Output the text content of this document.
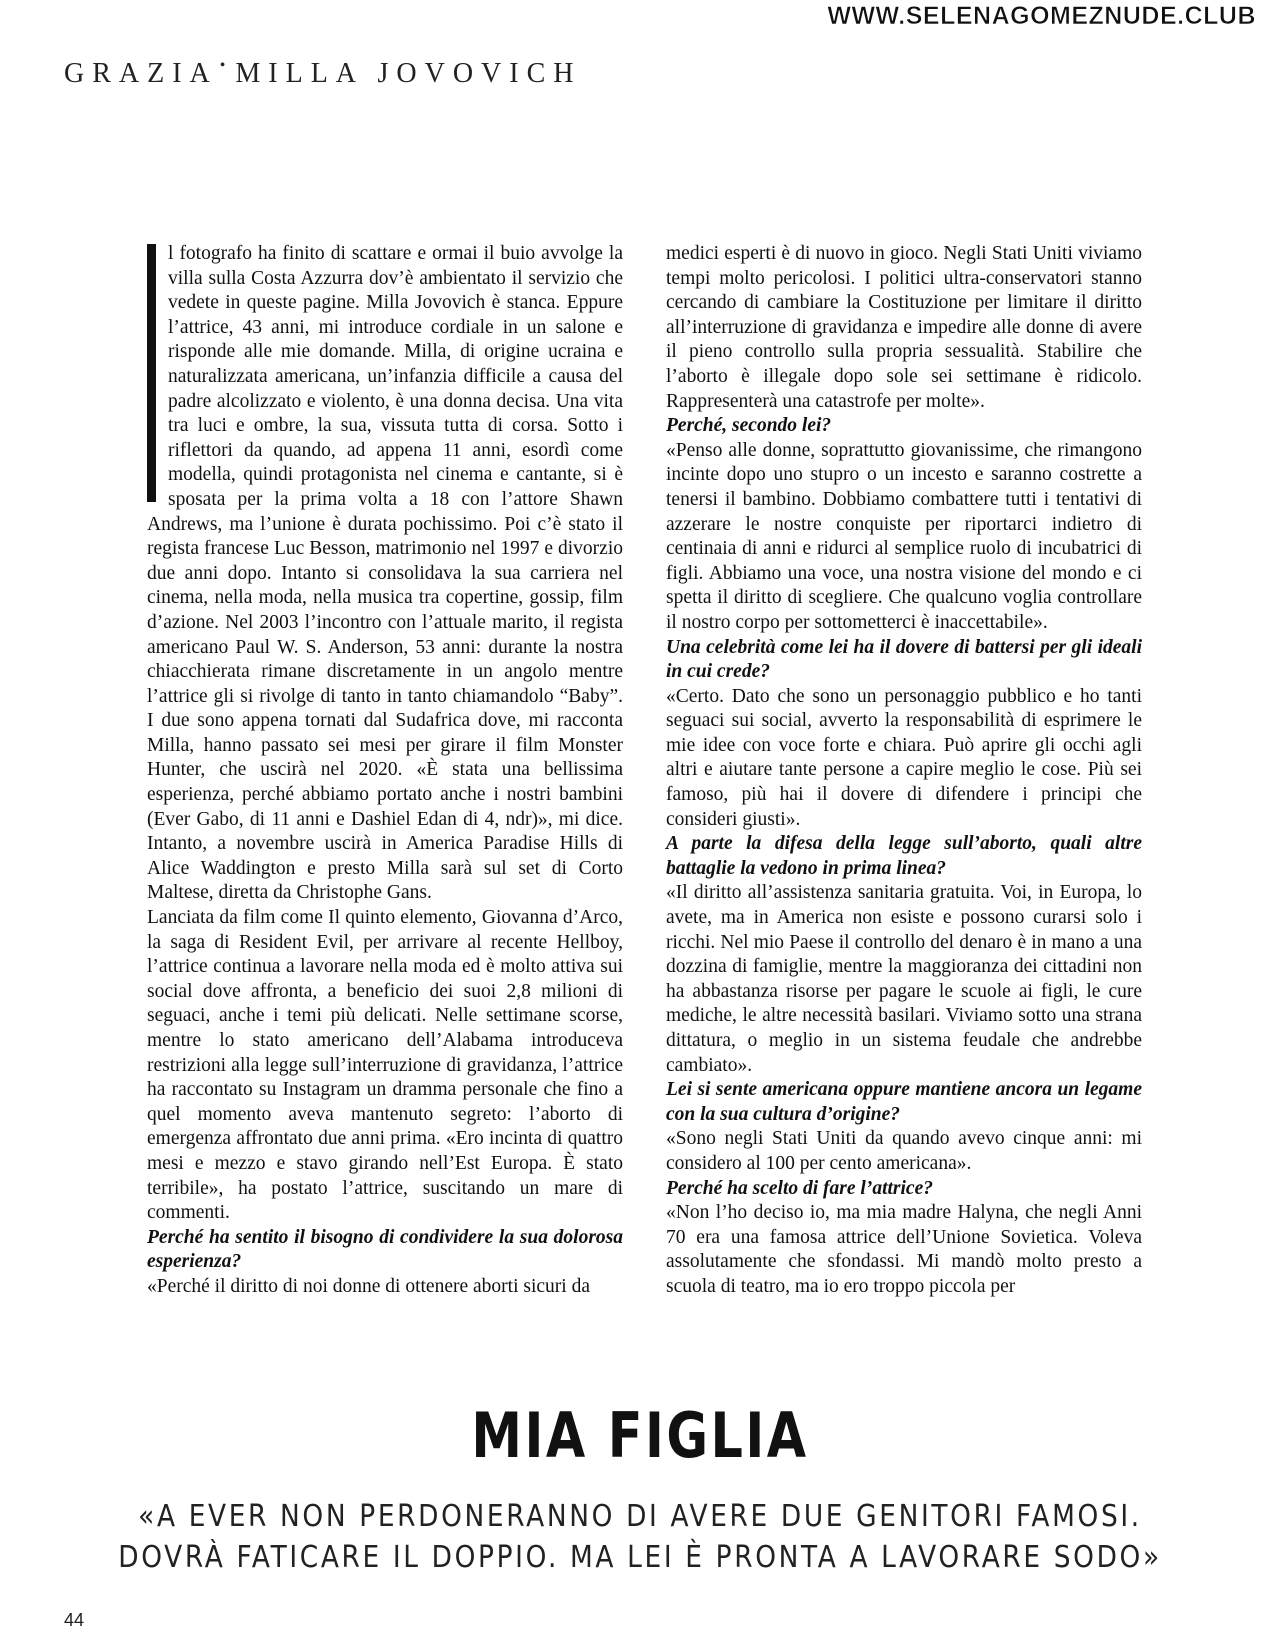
WWW.SELENAGOMEZNUDE.CLUB
GRAZIA • MILLA JOVOVICH

l fotografo ha finito di scattare e ormai il buio avvolge la villa sulla Costa Azzurra dov’è ambientato il servizio che vedete in queste pagine. Milla Jovovich è stanca. Eppure l’attrice, 43 anni, mi introduce cordiale in un salone e risponde alle mie domande. Milla, di origine ucraina e naturalizzata americana, un’infanzia difficile a causa del padre alcolizzato e violento, è una donna decisa. Una vita tra luci e ombre, la sua, vissuta tutta di corsa. Sotto i riflettori da quando, ad appena 11 anni, esordì come modella, quindi protagonista nel cinema e cantante, si è sposata per la prima volta a 18 con l’attore Shawn Andrews, ma l’unione è durata pochissimo. Poi c’è stato il regista francese Luc Besson, matrimonio nel 1997 e divorzio due anni dopo. Intanto si consolidava la sua carriera nel cinema, nella moda, nella musica tra copertine, gossip, film d’azione. Nel 2003 l’incontro con l’attuale marito, il regista americano Paul W. S. Anderson, 53 anni: durante la nostra chiacchierata rimane discretamente in un angolo mentre l’attrice gli si rivolge di tanto in tanto chiamandolo “Baby”. I due sono appena tornati dal Sudafrica dove, mi racconta Milla, hanno passato sei mesi per girare il film Monster Hunter, che uscirà nel 2020. «È stata una bellissima esperienza, perché abbiamo portato anche i nostri bambini (Ever Gabo, di 11 anni e Dashiel Edan di 4, ndr)», mi dice. Intanto, a novembre uscirà in America Paradise Hills di Alice Waddington e presto Milla sarà sul set di Corto Maltese, diretta da Christophe Gans.

Lanciata da film come Il quinto elemento, Giovanna d’Arco, la saga di Resident Evil, per arrivare al recente Hellboy, l’attrice continua a lavorare nella moda ed è molto attiva sui social dove affronta, a beneficio dei suoi 2,8 milioni di seguaci, anche i temi più delicati. Nelle settimane scorse, mentre lo stato americano dell’Alabama introduceva restrizioni alla legge sull’interruzione di gravidanza, l’attrice ha raccontato su Instagram un dramma personale che fino a quel momento aveva mantenuto segreto: l’aborto di emergenza affrontato due anni prima. «Ero incinta di quattro mesi e mezzo e stavo girando nell’Est Europa. È stato terribile», ha postato l’attrice, suscitando un mare di commenti.

Perché ha sentito il bisogno di condividere la sua dolorosa esperienza?

«Perché il diritto di noi donne di ottenere aborti sicuri da

medici esperti è di nuovo in gioco. Negli Stati Uniti viviamo tempi molto pericolosi. I politici ultra-conservatori stanno cercando di cambiare la Costituzione per limitare il diritto all’interruzione di gravidanza e impedire alle donne di avere il pieno controllo sulla propria sessualità. Stabilire che l’aborto è illegale dopo sole sei settimane è ridicolo. Rappresenterà una catastrofe per molte».

Perché, secondo lei?

«Penso alle donne, soprattutto giovanissime, che rimangono incinte dopo uno stupro o un incesto e saranno costrette a tenersi il bambino. Dobbiamo combattere tutti i tentativi di azzerare le nostre conquiste per riportarci indietro di centinaia di anni e ridurci al semplice ruolo di incubatrici di figli. Abbiamo una voce, una nostra visione del mondo e ci spetta il diritto di scegliere. Che qualcuno voglia controllare il nostro corpo per sottometterci è inaccettabile».

Una celebrità come lei ha il dovere di battersi per gli ideali in cui crede?

«Certo. Dato che sono un personaggio pubblico e ho tanti seguaci sui social, avverto la responsabilità di esprimere le mie idee con voce forte e chiara. Può aprire gli occhi agli altri e aiutare tante persone a capire meglio le cose. Più sei famoso, più hai il dovere di difendere i principi che consideri giusti».

A parte la difesa della legge sull’aborto, quali altre battaglie la vedono in prima linea?

«Il diritto all’assistenza sanitaria gratuita. Voi, in Europa, lo avete, ma in America non esiste e possono curarsi solo i ricchi. Nel mio Paese il controllo del denaro è in mano a una dozzina di famiglie, mentre la maggioranza dei cittadini non ha abbastanza risorse per pagare le scuole ai figli, le cure mediche, le altre necessità basilari. Viviamo sotto una strana dittatura, o meglio in un sistema feudale che andrebbe cambiato».

Lei si sente americana oppure mantiene ancora un legame con la sua cultura d’origine?

«Sono negli Stati Uniti da quando avevo cinque anni: mi considero al 100 per cento americana».

Perché ha scelto di fare l’attrice?

«Non l’ho deciso io, ma mia madre Halyna, che negli Anni 70 era una famosa attrice dell’Unione Sovietica. Voleva assolutamente che sfondassi. Mi mandò molto presto a scuola di teatro, ma io ero troppo piccola per

MIA FIGLIA
«A EVER NON PERDONERANNO DI AVERE DUE GENITORI FAMOSI.
DOVRÀ FATICARE IL DOPPIO. MA LEI È PRONTA A LAVORARE SODO»
44
